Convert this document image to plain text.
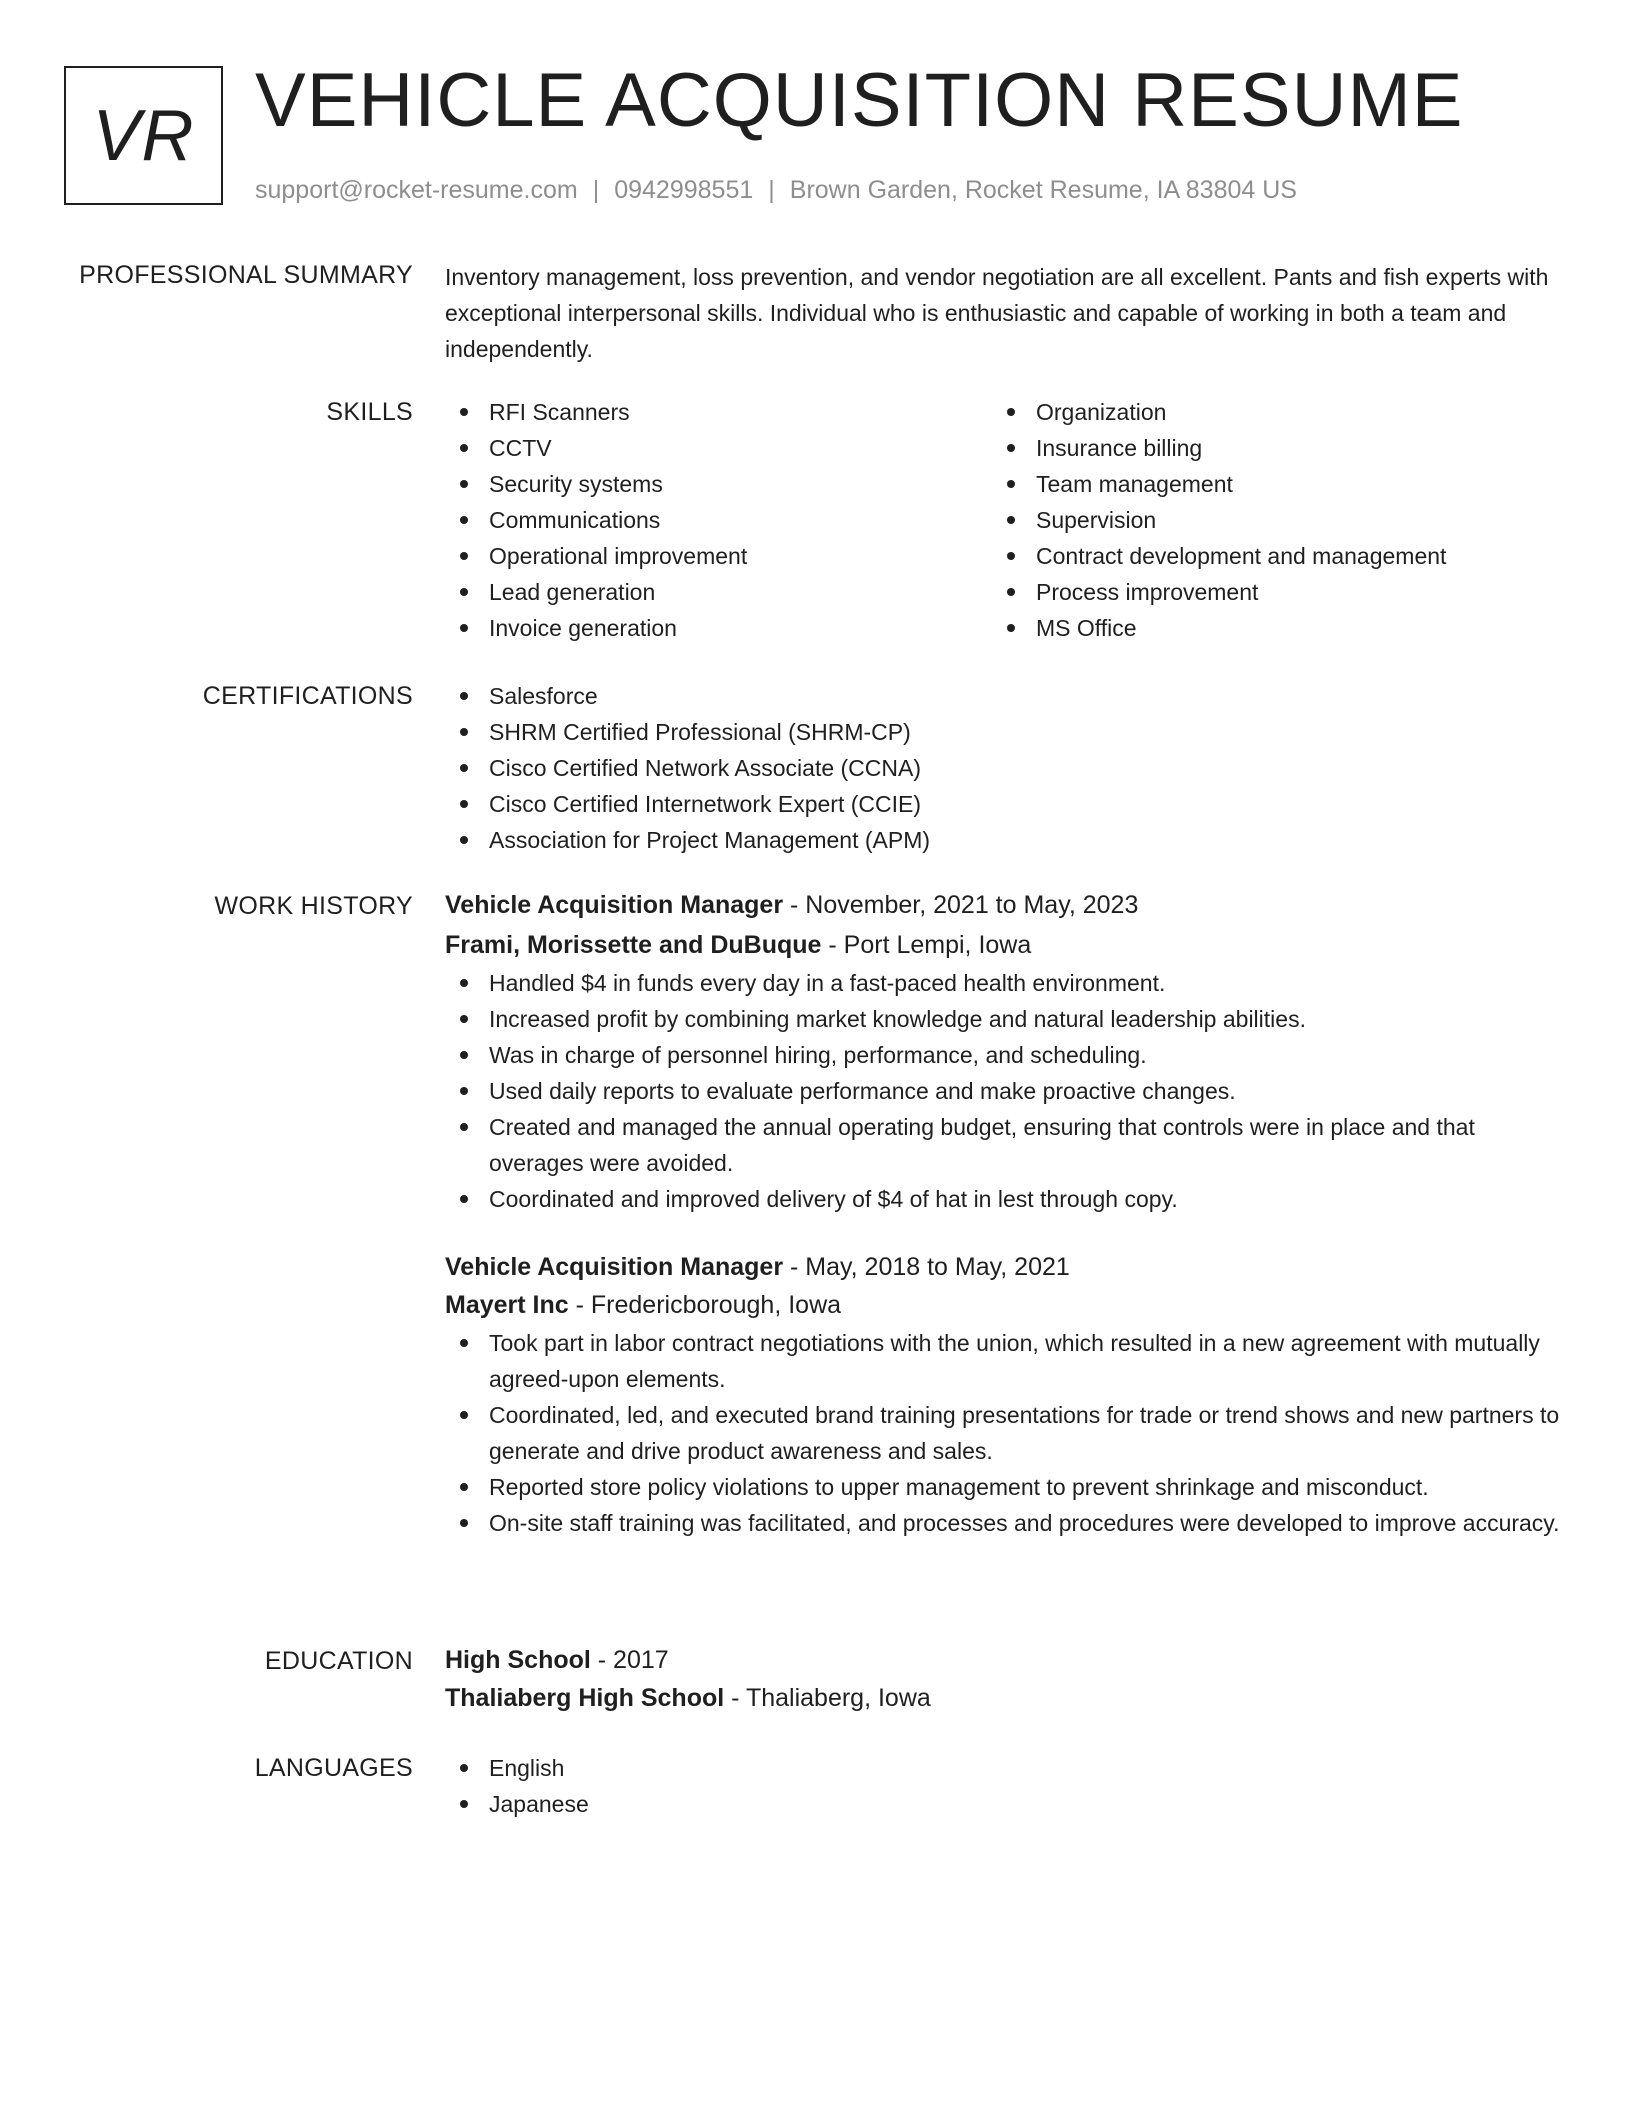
VR VEHICLE ACQUISITION RESUME
support@rocket-resume.com | 0942998551 | Brown Garden, Rocket Resume, IA 83804 US
PROFESSIONAL SUMMARY Inventory management, loss prevention, and vendor negotiation are all excellent. Pants and fish experts with exceptional interpersonal skills. Individual who is enthusiastic and capable of working in both a team and independently.

SKILLS	RFI Scanners
CCTV
Security systems
Communications
Operational improvement
Lead generation
Invoice generation
Organization
Insurance billing
Team management
Supervision
Contract development and management
Process improvement
MS Office
CERTIFICATIONS	Salesforce
SHRM Certified Professional (SHRM-CP)
Cisco Certified Network Associate (CCNA)
Cisco Certified Internetwork Expert (CCIE)
Association for Project Management (APM)
WORK HISTORY Vehicle Acquisition Manager - November, 2021 to May, 2023
Frami, Morissette and DuBuque - Port Lempi, Iowa
Handled $4 in funds every day in a fast-paced health environment.
Increased profit by combining market knowledge and natural leadership abilities.
Was in charge of personnel hiring, performance, and scheduling.
Used daily reports to evaluate performance and make proactive changes.
Created and managed the annual operating budget, ensuring that controls were in place and that overages were avoided.
Coordinated and improved delivery of $4 of hat in lest through copy.
Vehicle Acquisition Manager - May, 2018 to May, 2021
Mayert Inc - Fredericborough, Iowa
Took part in labor contract negotiations with the union, which resulted in a new agreement with mutually agreed-upon elements.
Coordinated, led, and executed brand training presentations for trade or trend shows and new partners to generate and drive product awareness and sales.
Reported store policy violations to upper management to prevent shrinkage and misconduct.
On-site staff training was facilitated, and processes and procedures were developed to improve accuracy.
EDUCATION High School - 2017
Thaliaberg High School - Thaliaberg, Iowa
LANGUAGES	English
Japanese
